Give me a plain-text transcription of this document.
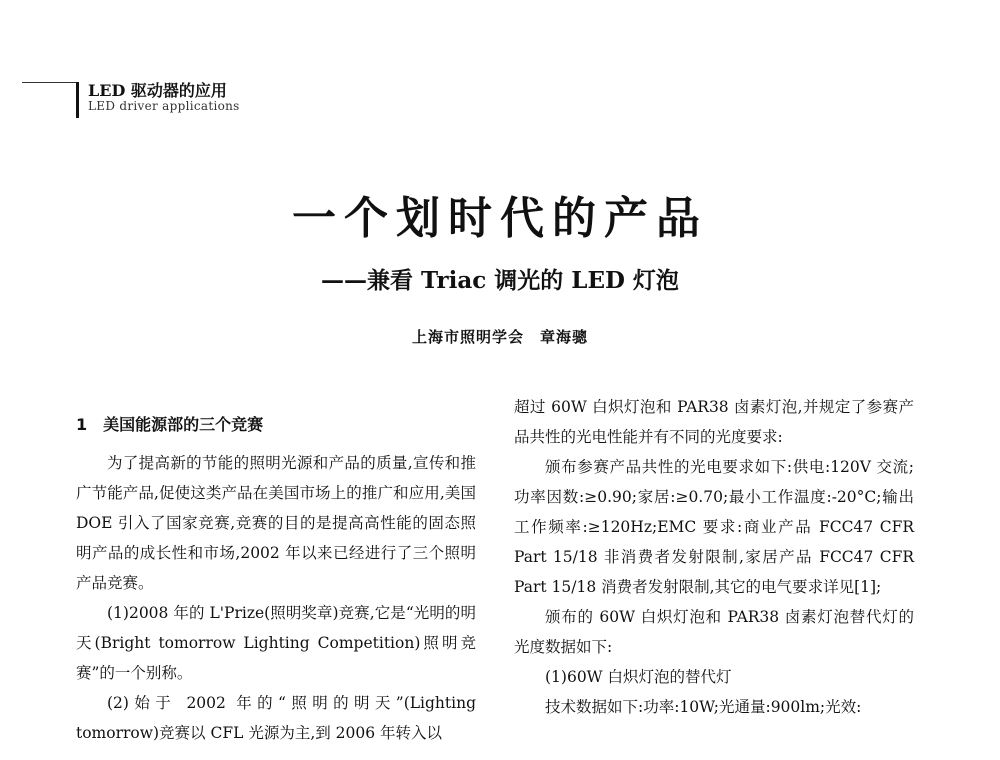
LED 驱动器的应用
LED driver applications
一个划时代的产品
——兼看 Triac 调光的 LED 灯泡
上海市照明学会　章海骢
1　美国能源部的三个竞赛

为了提高新的节能的照明光源和产品的质量,宣传和推广节能产品,促使这类产品在美国市场上的推广和应用,美国 DOE 引入了国家竞赛,竞赛的目的是提高高性能的固态照明产品的成长性和市场,2002 年以来已经进行了三个照明产品竞赛。

(1)2008 年的 L'Prize(照明奖章)竞赛,它是“光明的明天(Bright tomorrow Lighting Competition)照明竞赛”的一个别称。

(2)始于 2002 年的“照明的明天”(Lighting tomorrow)竞赛以 CFL 光源为主,到 2006 年转入以

超过 60W 白炽灯泡和 PAR38 卤素灯泡,并规定了参赛产品共性的光电性能并有不同的光度要求:

颁布参赛产品共性的光电要求如下:供电:120V 交流;功率因数:≥0.90;家居:≥0.70;最小工作温度:-20°C;输出工作频率:≥120Hz;EMC 要求:商业产品 FCC47 CFR Part 15/18 非消费者发射限制,家居产品 FCC47 CFR Part 15/18 消费者发射限制,其它的电气要求详见[1];

颁布的 60W 白炽灯泡和 PAR38 卤素灯泡替代灯的光度数据如下:

(1)60W 白炽灯泡的替代灯

技术数据如下:功率:10W;光通量:900lm;光效:
